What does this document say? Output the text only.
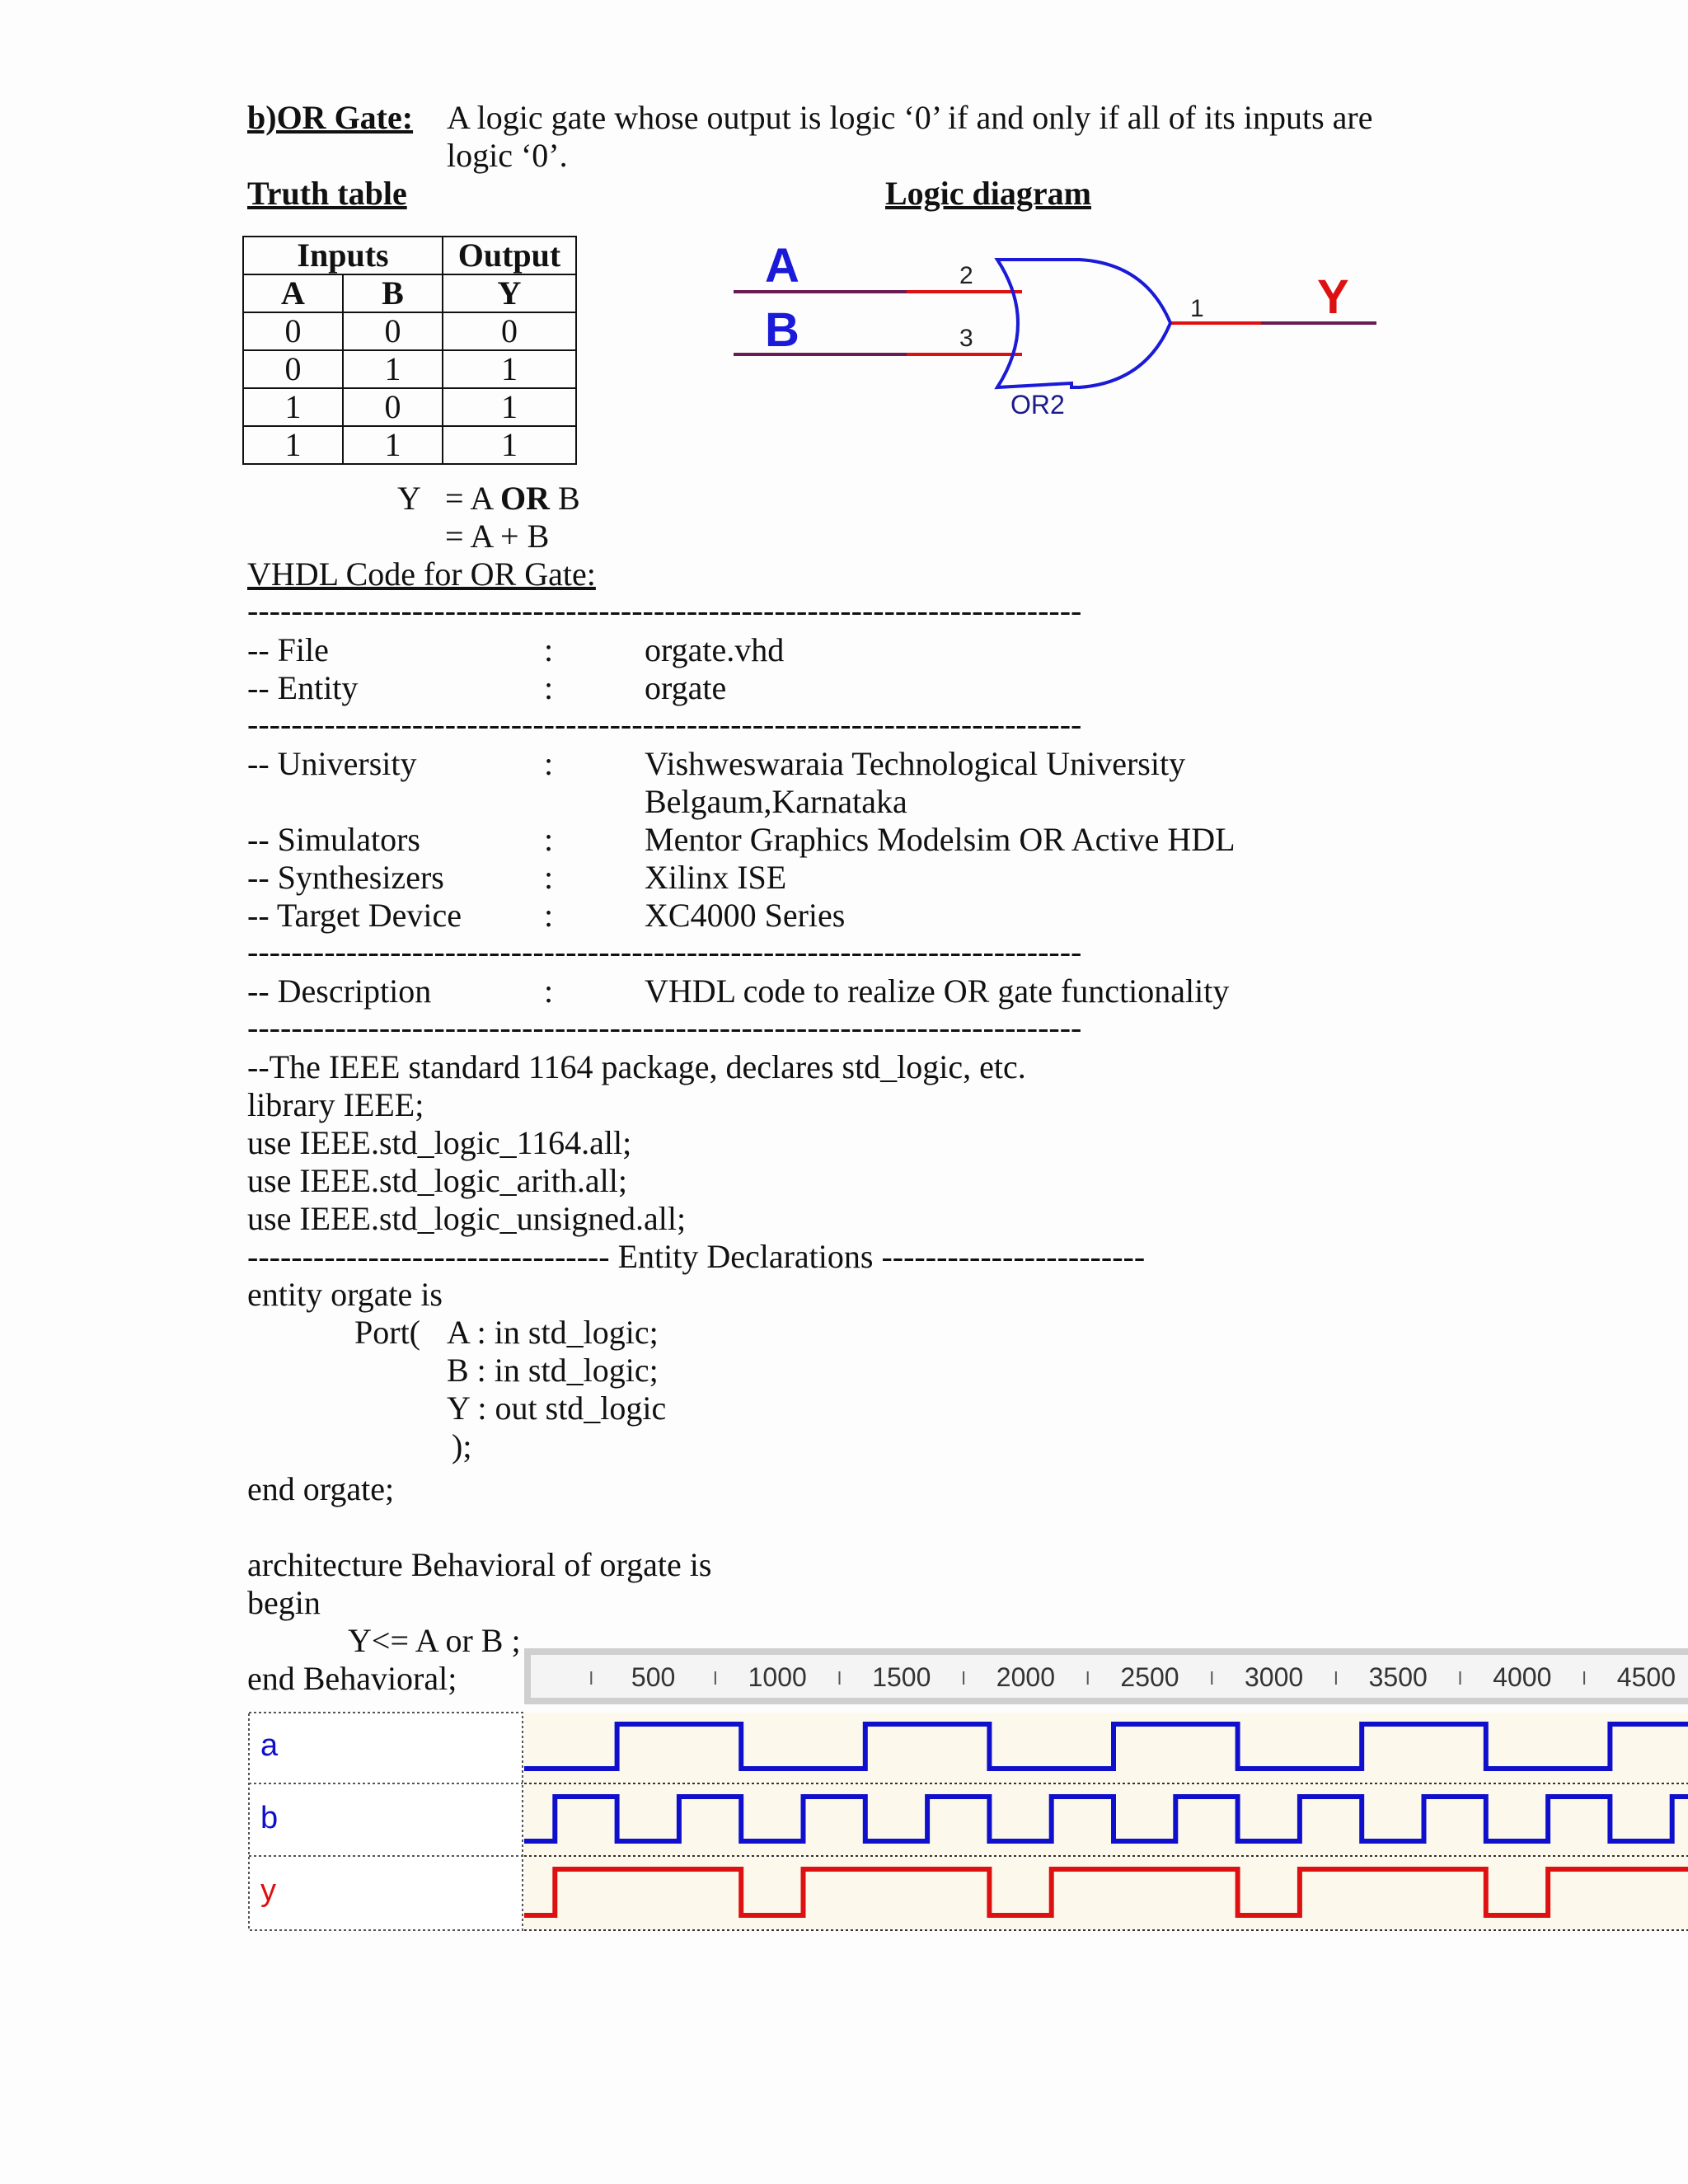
b)OR Gate: A logic gate whose output is logic ‘0’ if and only if all of its inputs are
logic ‘0’.
Truth table	Logic diagram
Inputs		Output
A	B	Y
0	0	0
0	1	1
1	0	1
1	1	1
A
B
2
3
1 Y
OR2
Y = A OR B
= A + B
VHDL Code for OR Gate:
----------------------------------------------------------------------------
-- File	:	orgate.vhd
-- Entity	:	orgate
----------------------------------------------------------------------------
-- University	:	Vishweswaraia Technological University
Belgaum,Karnataka
-- Simulators	:	Mentor Graphics Modelsim OR Active HDL
-- Synthesizers	:	Xilinx ISE
-- Target Device :	XC4000 Series
----------------------------------------------------------------------------
-- Description	:	VHDL code to realize OR gate functionality
----------------------------------------------------------------------------
--The IEEE standard 1164 package, declares std_logic, etc.
library IEEE;
use IEEE.std_logic_1164.all;
use IEEE.std_logic_arith.all;
use IEEE.std_logic_unsigned.all;
--------------------------------- Entity Declarations ------------------------
entity orgate is
Port( A : in std_logic;
B : in std_logic;
Y : out std_logic
);
end orgate;
architecture Behavioral of orgate is
begin
Y<= A or B ;
end Behavioral;	500	1000 1500 2000 2500 3000 3500 4000 4500
a
b
y
